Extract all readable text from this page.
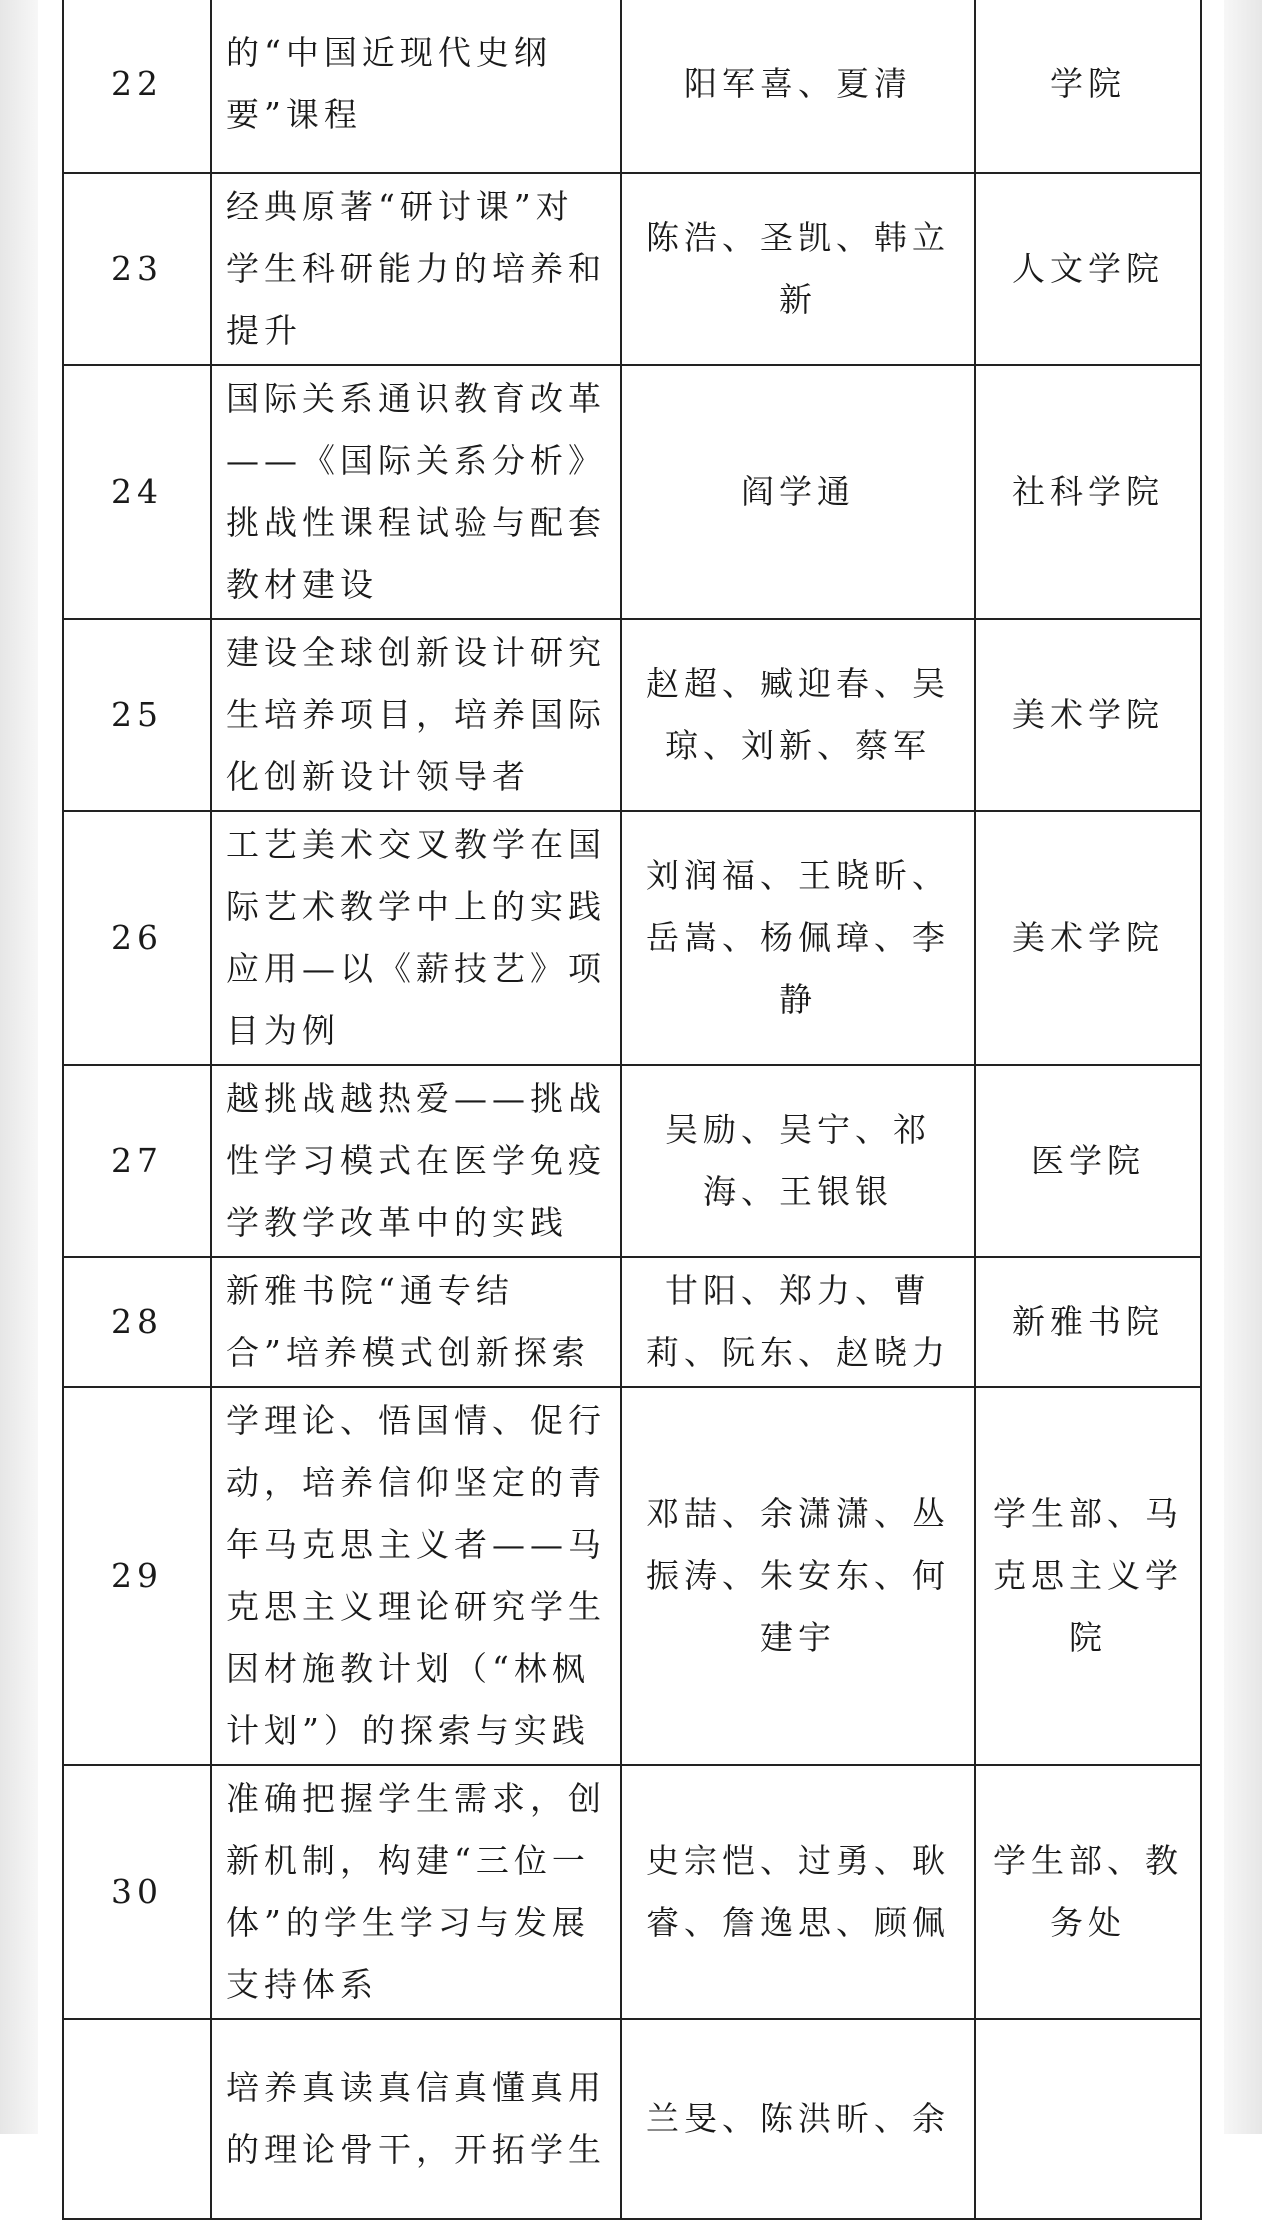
22	的“中国近现代史纲要”课程	阳军喜、夏清	学院

23	经典原著“研讨课”对学生科研能力的培养和提升	陈浩、圣凯、韩立新	人文学院

24	国际关系通识教育改革——《国际关系分析》挑战性课程试验与配套教材建设	阎学通	社科学院

25	建设全球创新设计研究生培养项目，培养国际化创新设计领导者	赵超、臧迎春、吴琼、刘新、蔡军	美术学院

26	工艺美术交叉教学在国际艺术教学中上的实践应用—以《薪技艺》项目为例	刘润福、王晓昕、岳嵩、杨佩璋、李静	美术学院

27	越挑战越热爱——挑战性学习模式在医学免疫学教学改革中的实践	吴励、吴宁、祁海、王银银	医学院

28	新雅书院“通专结合”培养模式创新探索	甘阳、郑力、曹莉、阮东、赵晓力	新雅书院

29	学理论、悟国情、促行动，培养信仰坚定的青年马克思主义者——马克思主义理论研究学生因材施教计划（“林枫计划”）的探索与实践	邓喆、余潇潇、丛振涛、朱安东、何建宇	学生部、马克思主义学院

30	准确把握学生需求，创新机制，构建“三位一体”的学生学习与发展支持体系	史宗恺、过勇、耿睿、詹逸思、顾佩	学生部、教务处

	培养真读真信真懂真用的理论骨干，开拓学生	兰旻、陈洪昕、余	
